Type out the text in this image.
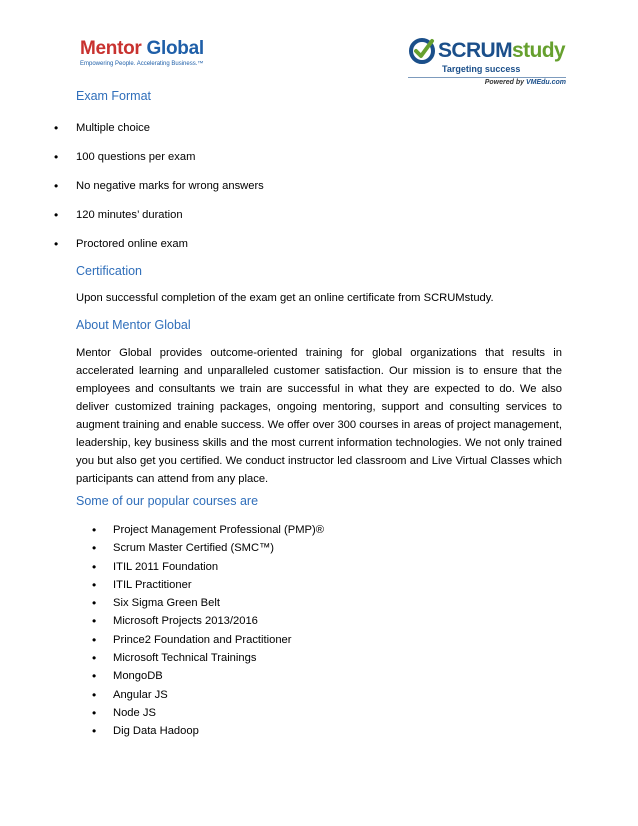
Mentor Global
Empowering People. Accelerating Business.™
SCRUMstudy
Targeting success
Powered by VMEdu.com
Exam Format
• Multiple choice
• 100 questions per exam
• No negative marks for wrong answers
• 120 minutes’ duration
• Proctored online exam
Certification
Upon successful completion of the exam get an online certificate from SCRUMstudy.
About Mentor Global
Mentor Global provides outcome-oriented training for global organizations that results in accelerated learning and unparalleled customer satisfaction. Our mission is to ensure that the employees and consultants we train are successful in what they are expected to do. We also deliver customized training packages, ongoing mentoring, support and consulting services to augment training and enable success. We offer over 300 courses in areas of project management, leadership, key business skills and the most current information technologies. We not only trained you but also get you certified. We conduct instructor led classroom and Live Virtual Classes which participants can attend from any place.
Some of our popular courses are
• Project Management Professional (PMP)®
• Scrum Master Certified (SMC™)
• ITIL 2011 Foundation
• ITIL Practitioner
• Six Sigma Green Belt
• Microsoft Projects 2013/2016
• Prince2 Foundation and Practitioner
• Microsoft Technical Trainings
• MongoDB
• Angular JS
• Node JS
• Dig Data Hadoop
